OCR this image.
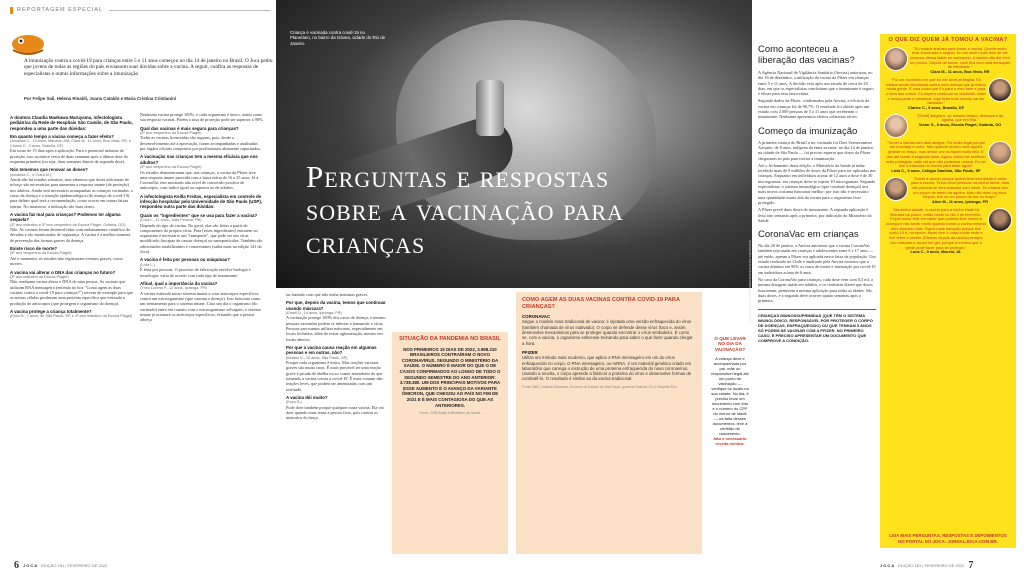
REPORTAGEM ESPECIAL
A imunização contra a covid-19 para crianças entre 5 e 11 anos começou no dia 14 de janeiro no Brasil. O Joca pediu que jovens de todas as regiões do país enviassem suas dúvidas sobre a vacina. A seguir, confira as respostas de especialistas e outras informações sobre a imunização
Por Felipe Sali, Helena Rinaldi, Joana Cataldo e Maria Cristina Cristianini
A doutora Claudia Maekawa Maruyama, infectologista pediátrica da Rede de Hospitais São Camilo, de São Paulo, respondeu a uma parte das dúvidas:
Em quanto tempo a vacina começa a fazer efeito?
(Amanda C., 13 anos, Manaus, AM; Clara M., 11 anos, Boa Vista, RR; e Clarice C., 9 anos, Brasília, DF)
Em torno de 15 dias após a aplicação. Para o potencial máximo de proteção, isso acontece cerca de duas semanas após a última dose do esquema primário (ou seja, duas semanas depois da segunda dose).
Nós tememos que renovar as doses?
(Amanda C., e Clara M.)
Ainda não há estudos robustos, mas sabemos que doses adicionais de reforço são necessárias para aumentar a resposta imune (de proteção) nos adultos. Ainda será necessário acompanhar as crianças vacinadas, o curso da doença e a situação epidemiológica (do avanço da covid-19) para definir qual será a recomendação, como ocorre em outras faixas etárias. No momento, a indicação são duas doses.
A vacina faz mal para crianças? Podemos ter alguma sequela?
(3º ano matutino e 5º ano vespertino da Escola Piaget, Goiânia, GO)
Não. As vacinas foram desenvolvidas com embasamento científico de décadas e são monitoradas de segurança. A vacina é a melhor maneira de prevenção das formas graves da doença.
Existe risco de morte?
(5º ano vespertino da Escola Piaget)
Até o momento, os estudos não registraram eventos graves, como mortes.
A vacina vai alterar o DNA das crianças no futuro?
(3º ano matutino da Escola Piaget)
Não, nenhuma vacina altera o DNA de uma pessoa. As vacinas que utilizam RNA mensageiro (entenda no box "Como agem as duas vacinas contra a covid-19 para crianças?") servem de exemplo para que as nossas células produzam uma proteína específica que estimula a produção de anticorpos (que protegem o organismo da doença).
A vacina protege a criança totalmente?
(Enzo B., 7 anos, de São Paulo, SP, e 3º ano matutino da Escola Piaget)
Nenhuma vacina protege 100%, e cada organismo é único, assim como sua resposta vacinal. Porém a taxa de proteção pode ser superior a 90%.
Qual das vacinas é mais segura para crianças?
(5º ano vespertino da Escola Piaget)
Todas as vacinas licenciadas são seguras, pois, desde o desenvolvimento até a aprovação, foram acompanhadas e analisadas por órgãos oficiais compostos por profissionais altamente capacitados.
A vacinação nas crianças tem a mesma eficácia que nos adultos?
(5º ano vespertino da Escola Piaget)
Os estudos demonstraram que, nas crianças, a vacina da Pfizer teve uma resposta imune parecida com a faixa etária de 16 a 25 anos. Já a CoronaVac tem mostrado alto nível de conversão positiva de anticorpos, com índice igual ou superior ao de adultos.
A infectologista Keilla Freitas, especialista em controle de infecção hospitalar pela Universidade de São Paulo (USP), respondeu outra parte das dúvidas:
Quais os "ingredientes" que se usa para fazer a vacina?
(Lívia L., 11 anos, João Pessoa, PB)
Depende do tipo da vacina. No geral, elas são feitas a partir de componentes do próprio vírus. Para [esses ingredientes] entrarem no organismo é necessário um "transporte", que pode ser um vírus modificado (incapaz de causar doença) ou nanopartículas. Também são adicionados estabilizantes e conservantes (saiba mais na edição 141 do Joca).
A vacina é feita por pessoas ou máquinas?
(Lívia L.)
É feita por pessoas. O processo de fabricação envolve biologia e tecnologia: varia de acordo com cada tipo de imunizante.
Afinal, qual a importância da vacina?
(Theo Lorena P., 12 anos, Ipiranga, PR)
A vacina estimula nosso sistema imune a criar anticorpos específicos contra um microrganismo (que causam a doença). Isso funciona como um treinamento para o sistema imune. Caso um dia o organismo (do vacinado) entre em contato com o microrganismo selvagem, o sistema imune já acionará os anticorpos específicos, evitando que a pessoa adoeça
ou fazendo com que não tenha sintomas graves.
Por que, depois da vacina, temos que continuar usando máscara?
(Emeli D., 14 anos, Ipiranga, PR)
A vacinação protege 100% dos casos de doença, e mesmo pessoas vacinadas podem se infectar e transmitir o vírus. Pessoas precisamos utilizar máscaras, especialmente em locais fechados, além de evitar aglomeração, mesmo em locais abertos.
Por que a vacina causa reação em algumas pessoas e em outras, não?
(Beatriz S., 10 anos, São Paulo, SP)
Porque cada organismo é único. Mas reações vacinais graves são muito raras. É mais provável ter uma reação grave à picada de abelha ou ao comer amendoim do que tomando a vacina contra a covid-19. É mais comum não reações leves, que podem ser amenizadas com um resfriado.
A vacina dói muito?
(Enzo B.)
Pode doer também porque qualquer outra vacina. Ela vai doer quando mais tensa a pessoa ficar, pois contrai os músculos do braço.
SITUAÇÃO DA PANDEMIA NO BRASIL
NOS PRIMEIROS 15 DIAS DE 2022, 3.988.310 BRASILEIROS CONTRAÍRAM O NOVO CORONAVÍRUS, SEGUNDO O MINISTÉRIO DA SAÚDE. O NÚMERO É MAIOR DO QUE O DE CASOS CONFIRMADOS AO LONGO DE TODO O SEGUNDO SEMESTRE DO ANO ANTERIOR: 3.738.380. UM DOS PRINCIPAIS MOTIVOS PARA ESSE AUMENTO É O AVANÇO DA VARIANTE ÔMICRON, QUE CHEGOU AO PAÍS NO FIM DE 2021 E É MAIS CONTAGIOSA DO QUE AS ANTERIORES.
Fonte: CNN Brasil e Ministério da Saúde
6 JOCA EDIÇÃO 181 | FEVEREIRO DE 2022
COMO AGEM AS DUAS VACINAS CONTRA COVID-19 PARA CRIANÇAS?
CORONAVAC
Segue o modelo mais tradicional de vacina: é injetada uma versão enfraquecida do vírus (também chamada de vírus inativado). O corpo se defende desse vírus fraco e, assim, desenvolve mecanismos para se proteger quando encontrar o vírus verdadeiro. É como se, com a vacina, o organismo estivesse treinando para saber o que fazer quando chegar a hora.
PFIZER
Utiliza um método mais moderno, que aplica o RNA mensageiro em um do vírus enfraquecido no corpo. O RNA mensageiro, ou mRNA, é um material genético criado em laboratório que carrega o instrução de uma proteína enfraquecida do novo coronavírus. Usando a receita, o corpo aprende a fabricar a proteína do vírus e desenvolve formas de combatê-lo. O resultado é similar ao da vacina tradicional.
Fonte: BBC, Instituto Butantan, Governo do Estado de São Paulo, governo Federal, G1 e Hospital Sírio
O QUE LEVAR NO DIA DA VACINAÇÃO?
A criança deve ir acompanhada por pai, mãe ou responsável legal até um ponto de vacinação — verifique os locais na sua cidade. No dia, é preciso levar um documento com foto e o número do CPF do menor de idade — na falta desses documentos, leve a certidão de nascimento.
Não é necessário receita médica.
Criança é vacinada contra covid-19 no Planetário, no bairro da Gávea, cidade do Rio de Janeiro
Perguntas e respostas sobre a vacinação para crianças	ANDRÉ MELO ANDRADE/IMMAGINI/ESTADÃO CONTEÚDO
Como aconteceu a liberação das vacinas?
A Agência Nacional de Vigilância Sanitária (Anvisa) autorizou, no dia 16 de dezembro, a utilização da vacina da Pfizer em crianças entre 5 e 11 anos. A decisão veio após um estudo de cerca de 20 dias, em que os especialistas concluíram que o imunizante é seguro e eficaz para essa faixa etária.
Segundo dados da Pfizer, confirmados pela Anvisa, a eficácia da vacina em crianças foi de 90,7%. O resultado foi obtido após um estudo com 3.000 pessoas de 5 a 11 anos que receberam o imunizante. Nenhuma apresentou efeitos colaterais sérios.
Começo da imunização
A primeira criança do Brasil a ser vacinada foi Davi Seremramiwe Xavante, de 8 anos, indígena da etnia xavante, no dia 14 de janeiro, na cidade de São Paulo — foi preciso esperar que doses da Pfizer chegassem ao país para iniciar a imunização.
Até o fechamento desta edição, o Ministério da Saúde já tinha recebido mais de 9 milhões de doses da Pfizer para ser aplicadas nas crianças. Enquanto em indivíduos acima de 12 anos a dose é de 30 microgramas, em crianças deve-se injetar 10 microgramas. Segundo especialistas, o sistema imunológico (que combate doenças) dos mais novos costuma funcionar melhor; por isso não é necessário uma quantidade muito alta da vacina para o organismo ficar protegido.
A Pfizer prevê duas doses do imunizante. A segunda aplicação é feita oito semanas após a primeira, por indicação do Ministério da Saúde.
CoronaVac em crianças
No dia 20 de janeiro, a Anvisa autorizou que a vacina CoronaVac também seja usada em crianças e adolescentes entre 6 e 17 anos — até então, apenas a Pfizer era aplicada nessa faixa da população. Um estudo realizado no Chile e analisado pela Anvisa mostrou que a vacina diminui em 90% os casos de morte e internação por covid-19 em indivíduos acima de 6 anos.
No caso da CoronaVac para crianças, cada dose vem com 0,5 ml, a mesma dosagem usada em adultos, e os cientistas dizem que doses funcionam, permitem a mesma aplicação para todas as idades. São duas doses, e a segunda deve ocorrer quatro semanas após a primeira.
CRIANÇAS IMUNOSSUPRIMIDAS (QUE TÊM O SISTEMA IMUNOLÓGICO, RESPONSÁVEL POR PROTEGER O CORPO DE DOENÇAS, ENFRAQUECIDO) OU QUE TENHAM 5 ANOS SÓ PODEM SE VACINAR COM A PFIZER. NO PRIMEIRO CASO, É PRECISO APRESENTAR UM DOCUMENTO QUE COMPROVE A CONDIÇÃO.
O QUE DIZ QUEM JÁ TOMOU A VACINA?
"Eu estava ansiosa para tomar a vacina. Queria muito ficar imunizada e segura. Eu me senti muito feliz de ver pessoas dessa idade se vacinando. A vacina não doi nem um pouco. Depois de tomar, você fica com uma sensação de felicidade."
Clara M., 11 anos, Boa Vista, RR
"Foi um momento em que eu me senti protegida. Eu estava sendo imunizada contra uma doença que já matou muita gente. É uma coisa que Eu para o meu bem e para o bem dos outros. Eu espero continuar se cuidando, fazer a nossa parte e colaborar, logo mais todo mundo vai ser vacinado."
Clarice C., 9 anos, Brasília, DF
"[Senti] alegria e, ao mesmo tempo, desespero da agulha, que era fina."
Victor S., 8 anos, Escola Piaget, Goiânia, GO
"Tomei a vacina com dois amigos. Foi muito legal porque um encoraja o outro. Não quando recebo uma agulha grande no braço, mas desse vez eu fiquei muito feliz. E deu até tomar a segunda dose. Agora, estou me sentindo mais protegida, mais vai que não podemos relaxar. Eu sei tive a máscara na escola para bater água!"
Lívia C., 9 anos, Colégio Santista, São Paulo, SP
"Tomei a vacina porque queria ficar imunizada e voltar para a escola. Tinha cinco pessoas na minha frente, mas não parecia se eles estavam com medo. Eu estava com um pouco de medo da agulha. Mas não doeu na hora. Depois, tive só um pouco de dor no braço."
Alice M., 11 anos, Ipiranga, PR
"Na minha cidade, a vacina para a minha idade foi liberada há pouco, então tomei no dia 4 de fevereiro. Fiquei muito feliz em saber que poderia ficar imune à doença e não sentir medo quando tomar a vacina mesmo eles estarem mais. Fiquei mais tranquilo porque tive covid-19 e, na época, fiquei com o corpo muito mole e tive febre e vômito. [Mesmo depois da vacina] sempre uso máscara e álcool em gel, porque a mínimo que a gente pode fazer para se proteger."
Luca C., 9 anos, Maceió, AL
LEIA MAIS PERGUNTAS, RESPOSTAS E DEPOIMENTOS NO PORTAL DO JOCA: JORNALJOCA.COM.BR.
JOCA EDIÇÃO 181 | FEVEREIRO DE 2022 7
